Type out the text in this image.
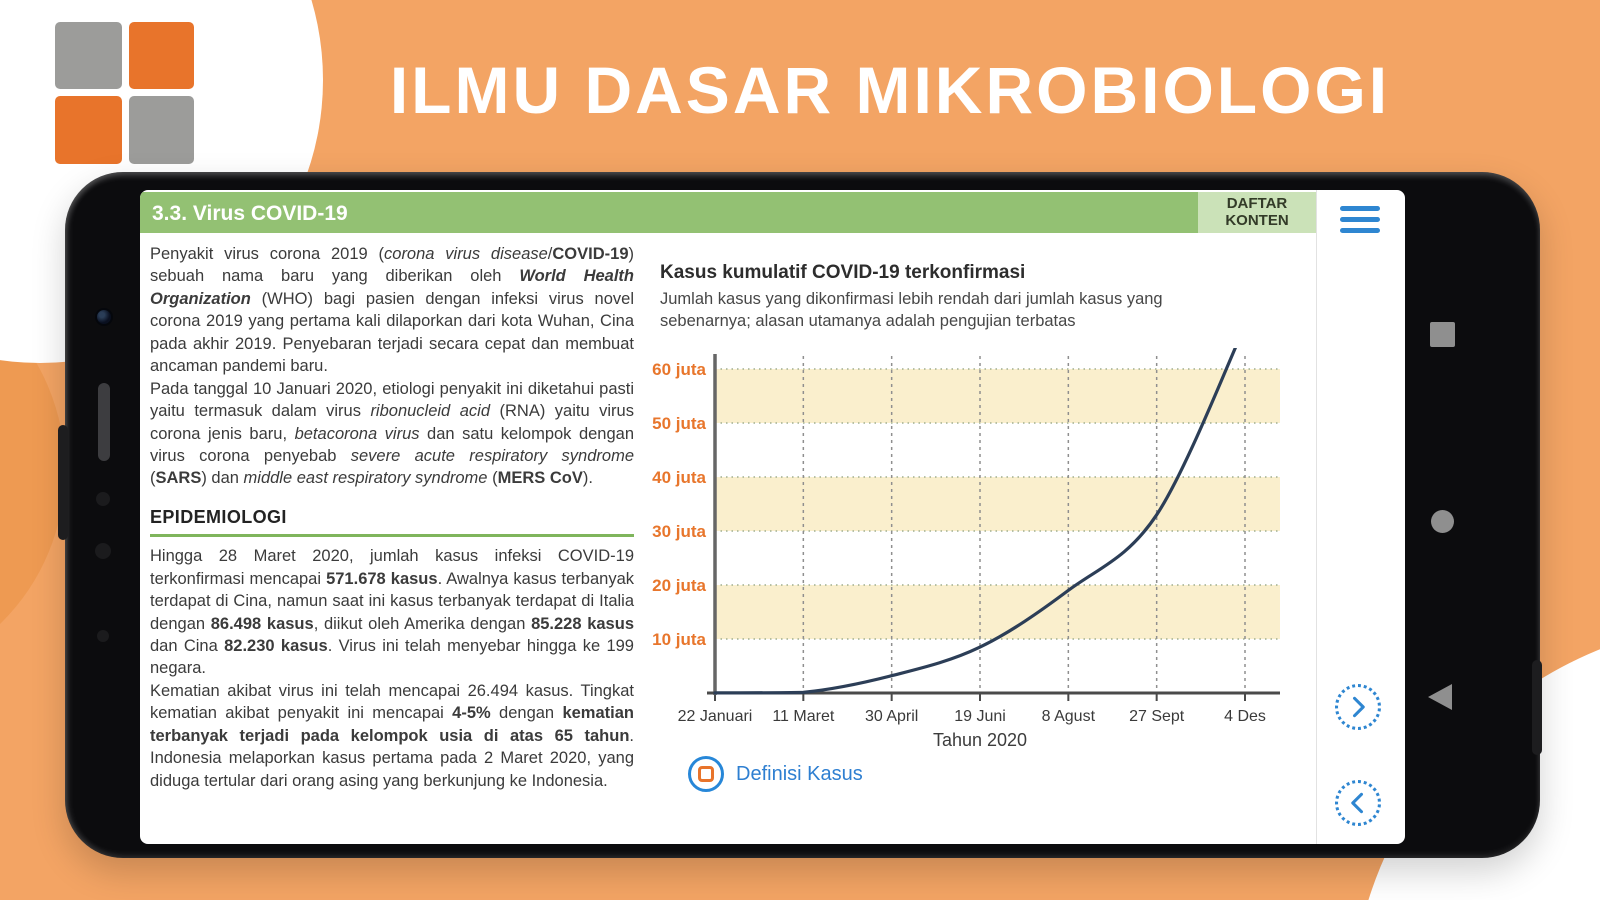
ILMU DASAR MIKROBIOLOGI
3.3. Virus COVID-19	DAFTAR KONTEN

Penyakit virus corona 2019 (corona virus disease/COVID-19) sebuah nama baru yang diberikan oleh World Health Organization (WHO) bagi pasien dengan infeksi virus novel corona 2019 yang pertama kali dilaporkan dari kota Wuhan, Cina pada akhir 2019. Penyebaran terjadi secara cepat dan membuat ancaman pandemi baru.

Pada tanggal 10 Januari 2020, etiologi penyakit ini diketahui pasti yaitu termasuk dalam virus ribonucleid acid (RNA) yaitu virus corona jenis baru, betacorona virus dan satu kelompok dengan virus corona penyebab severe acute respiratory syndrome (SARS) dan middle east respiratory syndrome (MERS CoV).

EPIDEMIOLOGI

Hingga 28 Maret 2020, jumlah kasus infeksi COVID-19 terkonfirmasi mencapai 571.678 kasus. Awalnya kasus terbanyak terdapat di Cina, namun saat ini kasus terbanyak terdapat di Italia dengan 86.498 kasus, diikut oleh Amerika dengan 85.228 kasus dan Cina 82.230 kasus. Virus ini telah menyebar hingga ke 199 negara.

Kematian akibat virus ini telah mencapai 26.494 kasus. Tingkat kematian akibat penyakit ini mencapai 4-5% dengan kematian terbanyak terjadi pada kelompok usia di atas 65 tahun. Indonesia melaporkan kasus pertama pada 2 Maret 2020, yang diduga tertular dari orang asing yang berkunjung ke Indonesia.

Kasus kumulatif COVID-19 terkonfirmasi
Jumlah kasus yang dikonfirmasi lebih rendah dari jumlah kasus yang sebenarnya; alasan utamanya adalah pengujian terbatas
10 juta
20 juta
30 juta
40 juta
50 juta
60 juta
22 Januari 11 Maret 30 April 19 Juni 8 Agust 27 Sept 4 Des
Tahun 2020
Definisi Kasus
